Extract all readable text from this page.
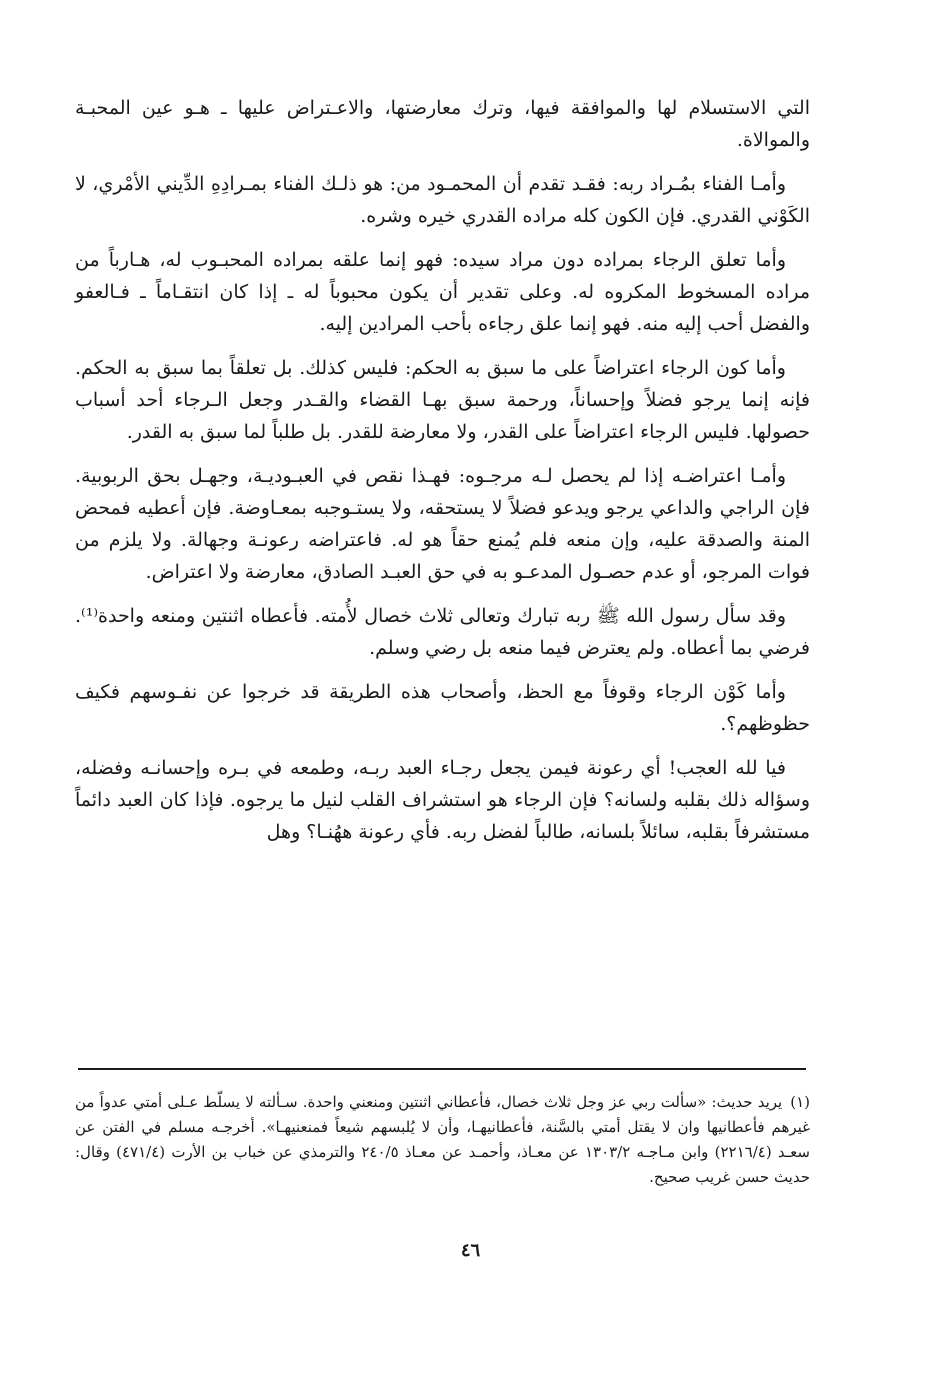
التي الاستسلام لها والموافقة فيها، وترك معارضتها، والاعـتراض عليها ـ هـو عين المحبـة والموالاة.

وأمـا الفناء بمُـراد ربه: فقـد تقدم أن المحمـود من: هو ذلـك الفناء بمـرادِهِ الدِّيني الأمْري، لا الكَوْني القدري. فإن الكون كله مراده القدري خيره وشره.

وأما تعلق الرجاء بمراده دون مراد سيده: فهو إنما علقه بمراده المحبـوب له، هـارباً من مراده المسخوط المكروه له. وعلى تقدير أن يكون محبوباً له ـ إذا كان انتقـاماً ـ فـالعفو والفضل أحب إليه منه. فهو إنما علق رجاءه بأحب المرادين إليه.

وأما كون الرجاء اعتراضاً على ما سبق به الحكم: فليس كذلك. بل تعلقاً بما سبق به الحكم. فإنه إنما يرجو فضلاً وإحساناً، ورحمة سبق بهـا القضاء والقـدر وجعل الـرجاء أحد أسباب حصولها. فليس الرجاء اعتراضاً على القدر، ولا معارضة للقدر. بل طلباً لما سبق به القدر.

وأمـا اعتراضـه إذا لم يحصل لـه مرجـوه: فهـذا نقص في العبـوديـة، وجهـل بحق الربوبية. فإن الراجي والداعي يرجو ويدعو فضلاً لا يستحقه، ولا يستـوجبه بمعـاوضة. فإن أعطيه فمحض المنة والصدقة عليه، وإن منعه فلم يُمنع حقاً هو له. فاعتراضه رعونـة وجهالة. ولا يلزم من فوات المرجو، أو عدم حصـول المدعـو به في حق العبـد الصادق، معارضة ولا اعتراض.

وقد سأل رسول الله ﷺ ربه تبارك وتعالى ثلاث خصال لأُمته. فأعطاه اثنتين ومنعه واحدة⁽¹⁾. فرضي بما أعطاه. ولم يعترض فيما منعه بل رضي وسلم.

وأما كَوْن الرجاء وقوفاً مع الحظ، وأصحاب هذه الطريقة قد خرجوا عن نفـوسهم فكيف حظوظهم؟.

فيا لله العجب! أي رعونة فيمن يجعل رجـاء العبد ربـه، وطمعه في بـره وإحسانـه وفضله، وسؤاله ذلك بقلبه ولسانه؟ فإن الرجاء هو استشراف القلب لنيل ما يرجوه. فإذا كان العبد دائماً مستشرفاً بقلبه، سائلاً بلسانه، طالباً لفضل ربه. فأي رعونة ههُنـا؟ وهل

(١)يريد حديث: «سألت ربي عز وجل ثلاث خصال، فأعطاني اثنتين ومنعني واحدة. سـألته لا يسلّط عـلى أمتي عدواً من غيرهم فأعطانيها وان لا يقتل أمتي بالسَّنة، فأعطانيهـا، وأن لا يُلبسهم شيعاً فمنعنيهـا». أخرجـه مسلم في الفتن عن سعـد (٢٢١٦/٤) وابن مـاجـه ١٣٠٣/٢ عن معـاذ، وأحمـد عن معـاذ ٢٤٠/٥ والترمذي عن خباب بن الأرت (٤٧١/٤) وقال: حديث حسن غريب صحيح.
٤٦
